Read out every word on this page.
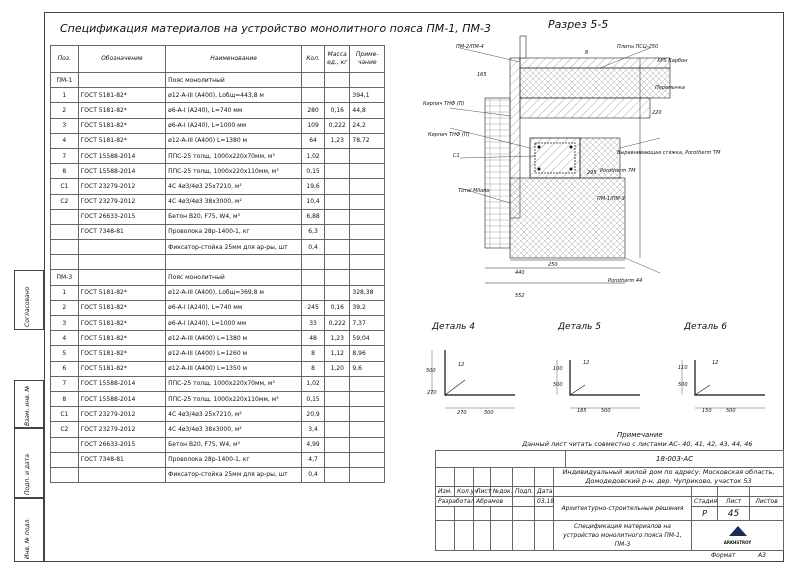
Спецификация материалов на устройство монолитного пояса ПМ-1, ПМ-3
Поз.	Обозначение	Наименование	Кол.	Масса ед., кг	Приме-чание
ПМ-1		Пояс монолитный			
1	ГОСТ 5181-82*	ø12-A-III (A400), Lобщ=443,8 м			394,1
2	ГОСТ 5181-82*	ø6-A-I (A240), L=740 мм	280	0,16	44,8
3	ГОСТ 5181-82*	ø6-A-I (A240), L=1000 мм	109	0,222	24,2
4	ГОСТ 5181-82*	ø12-A-III (A400) L=1380 м	64	1,23	78,72
7	ГОСТ 15588-2014	ППС-25 толщ. 1000х220х70мм, м³	1,02		
8	ГОСТ 15588-2014	ППС-25 толщ. 1000х220х110мм, м³	0,15		
С1	ГОСТ 23279-2012	4С 4ø3/4ø3 25х7210, м²	19,6		
С2	ГОСТ 23279-2012	4С 4ø3/4ø3 38х3000, м²	10,4		
	ГОСТ 26633-2015	Бетон В20, F75, W4, м³	6,88		
	ГОСТ 7348-81	Проволока 28р-1400-1, кг	6,3		
		Фиксатор-стойка 25мм для ар-ры, шт	0,4		

ПМ-3		Пояс монолитный			
1	ГОСТ 5181-82*	ø12-A-III (A400), Lобщ=369,8 м			328,38
2	ГОСТ 5181-82*	ø6-A-I (A240), L=740 мм	245	0,16	39,2
3	ГОСТ 5181-82*	ø6-A-I (A240), L=1000 мм	33	0,222	7,37
4	ГОСТ 5181-82*	ø12-A-III (A400) L=1380 м	48	1,23	59,04
5	ГОСТ 5181-82*	ø12-A-III (A400) L=1260 м	8	1,12	8,96
6	ГОСТ 5181-82*	ø12-A-III (A400) L=1350 м	8	1,20	9,6
7	ГОСТ 15588-2014	ППС-25 толщ. 1000х220х70мм, м³	1,02		
8	ГОСТ 15588-2014	ППС-25 толщ. 1000х220х110мм, м³	0,15		
С1	ГОСТ 23279-2012	4С 4ø3/4ø3 25х7210, м²	20,9		
С2	ГОСТ 23279-2012	4С 4ø3/4ø3 38х3000, м²	3,4		
	ГОСТ 26633-2015	Бетон В20, F75, W4, м³	4,99		
	ГОСТ 7348-81	Проволока 28р-1400-1, кг	4,7		
		Фиксатор-стойка 25мм для ар-ры, шт	0,4		
Согласовано
Взам. инв. №
Подп. и дата
Инв. № подл.
Разрез 5-5
ПМ-2/ПМ-4	Плиты ПСЦ-250
XPS Карбон
Перемычка
Кирпич ТНФ (П)
Кирпич ТНФ (П)
С1	Выравнивающая стяжка, Porotherm ТМ
Porotherm 7М
ПМ-1/ПМ-3
Тотаl Milano
Porotherm 44
440
552
250
295
220
165
8
Деталь 4	Деталь 5	Деталь 6
500
270
12
270	500
100
500
12
185	500
110
500
12
150	500
Примечание
Данный лист читать совместно с листами АС- 40, 41, 42, 43, 44, 46
	18-003-АС
						Индивидуальный жилой дом по адресу: Московская область, Домодедовский р-н, дер. Чуприково, участок 53			
Изм.	Кол.уч	Лист	№док.	Подп.	Дата				
Разработал		Абрамов			03.18	Архитектурно-строительные решения	Стадия	Лист	Листов
							Р	45	
						Спецификация материалов на устройство монолитного пояса ПМ-1, ПМ-3	ARKHSTROY		
Формат	А3
